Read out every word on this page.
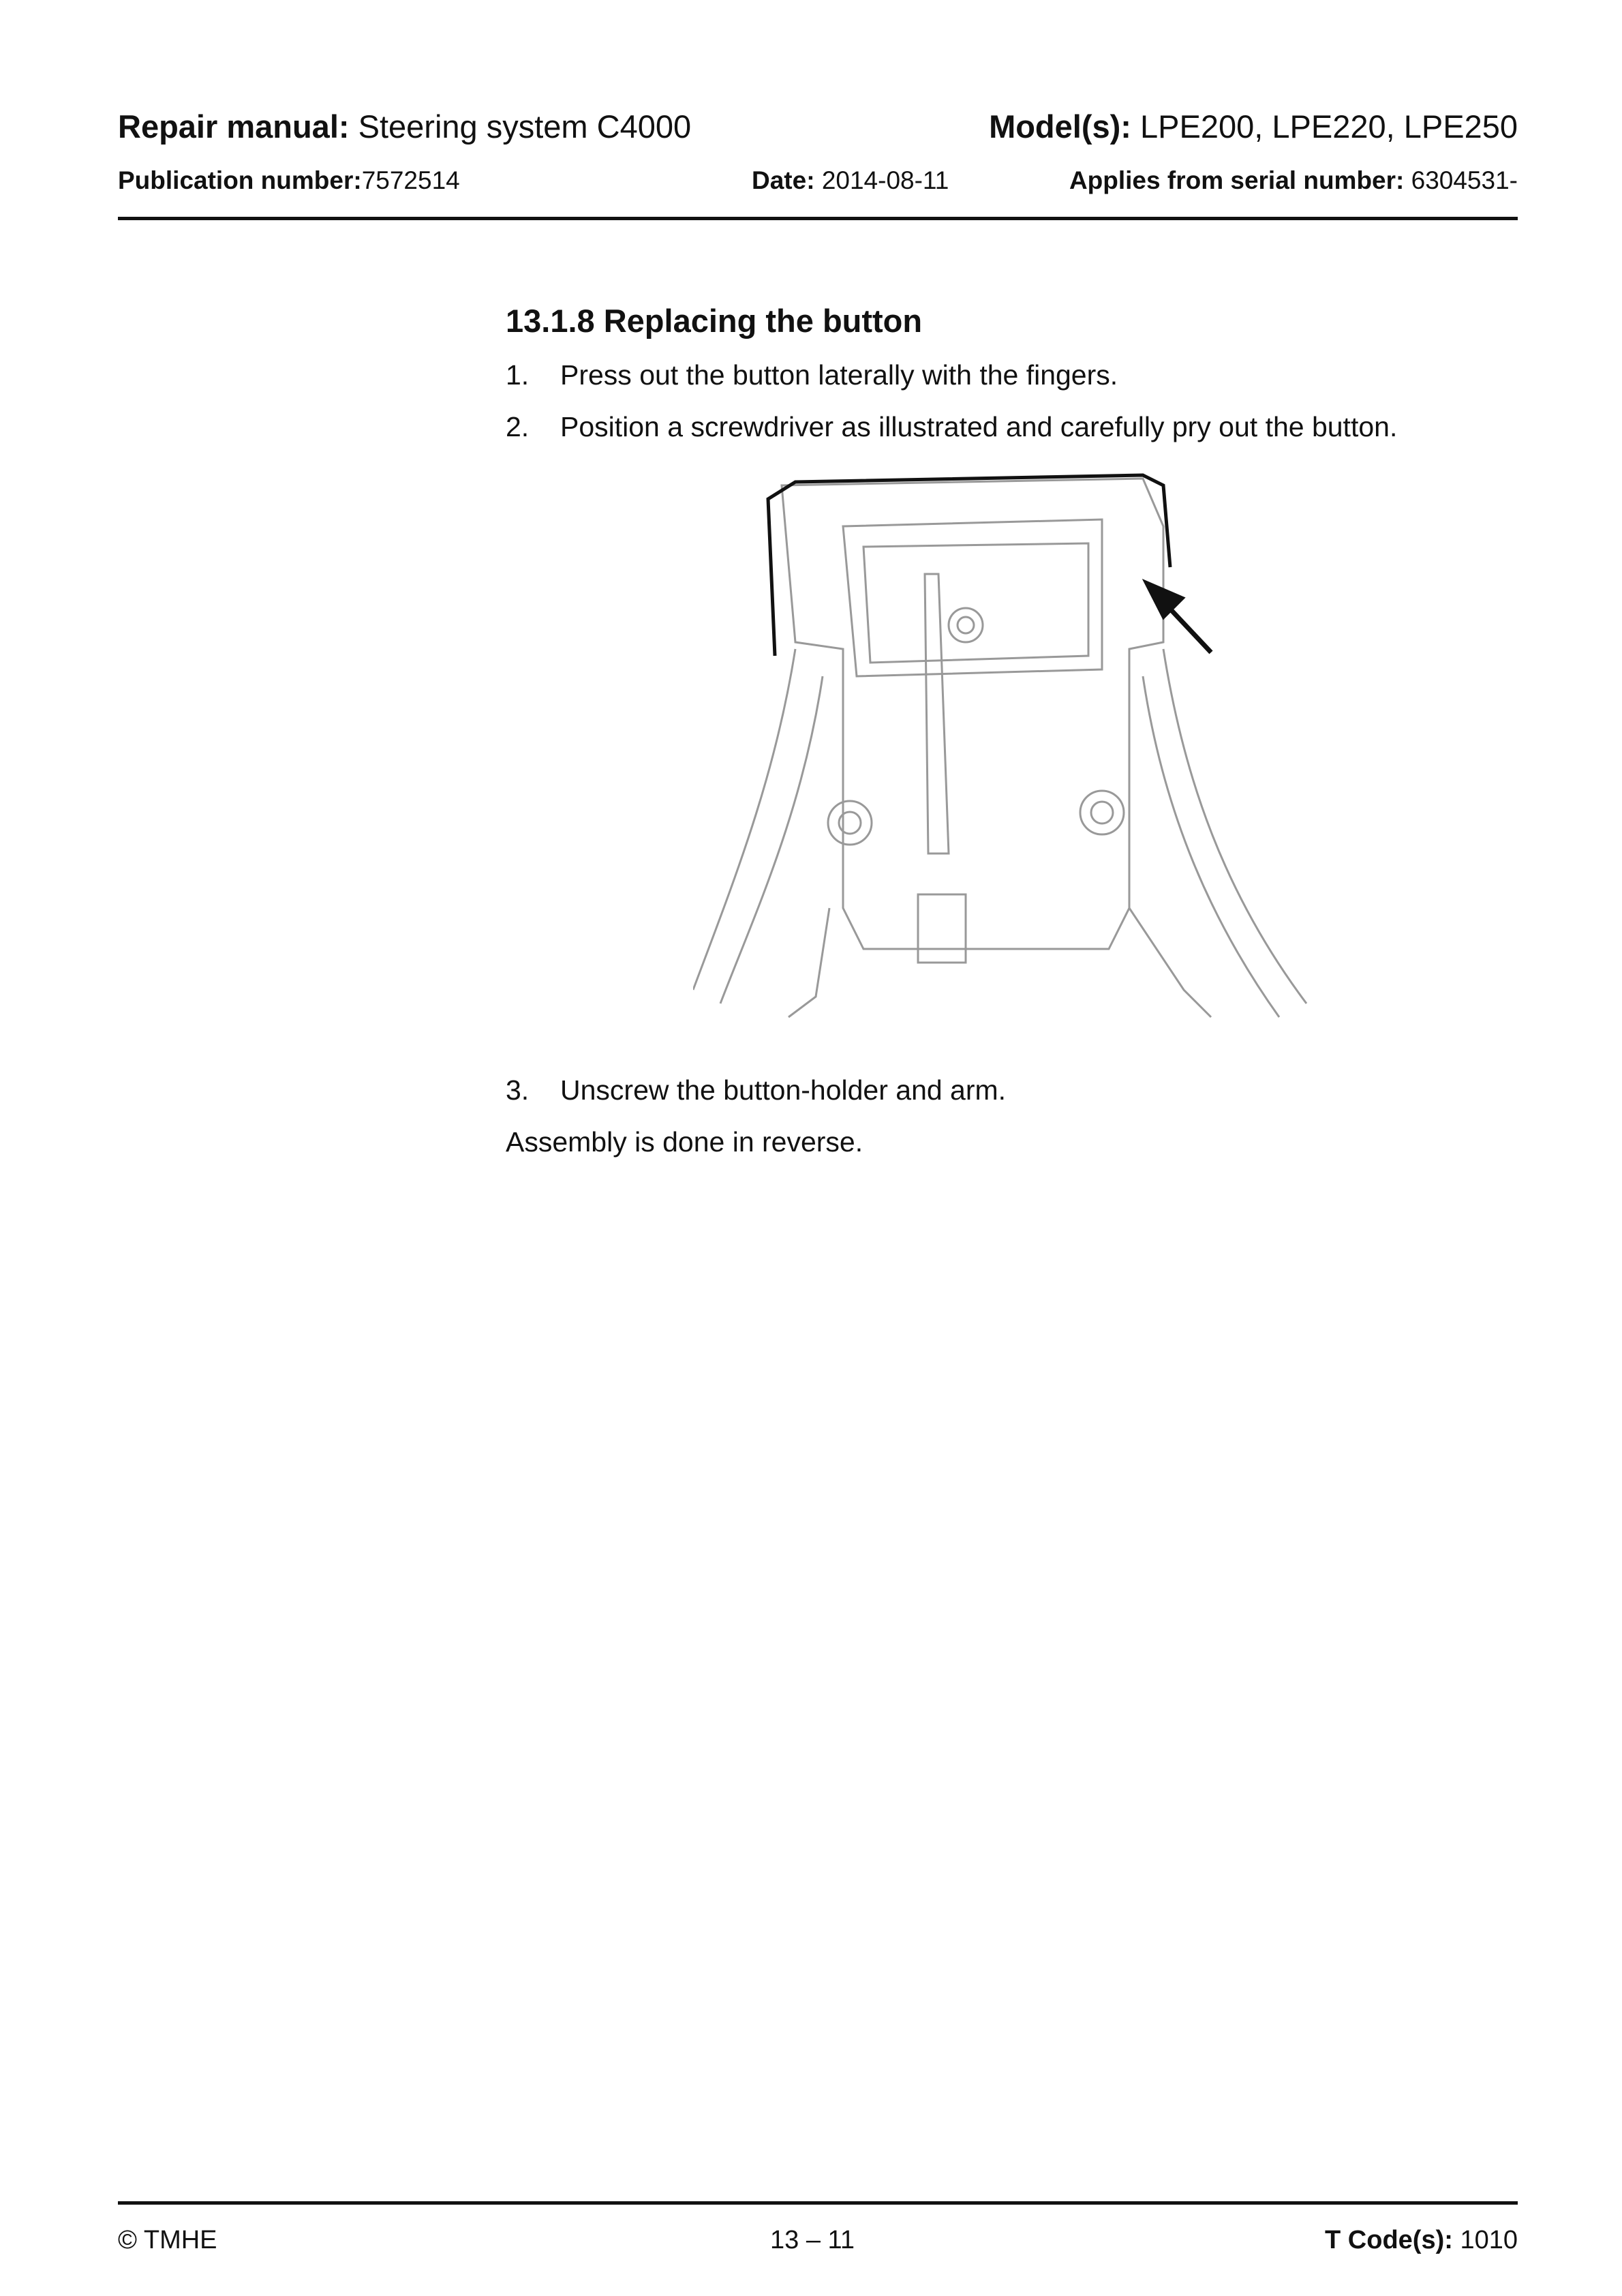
Repair manual: Steering system C4000	Model(s): LPE200, LPE220, LPE250
Publication number:7572514	Date: 2014-08-11	Applies from serial number: 6304531-
13.1.8 Replacing the button
1. Press out the button laterally with the fingers.
2. Position a screwdriver as illustrated and carefully pry out the button.
3. Unscrew the button-holder and arm.
Assembly is done in reverse.
© TMHE	13 – 11	T Code(s): 1010
